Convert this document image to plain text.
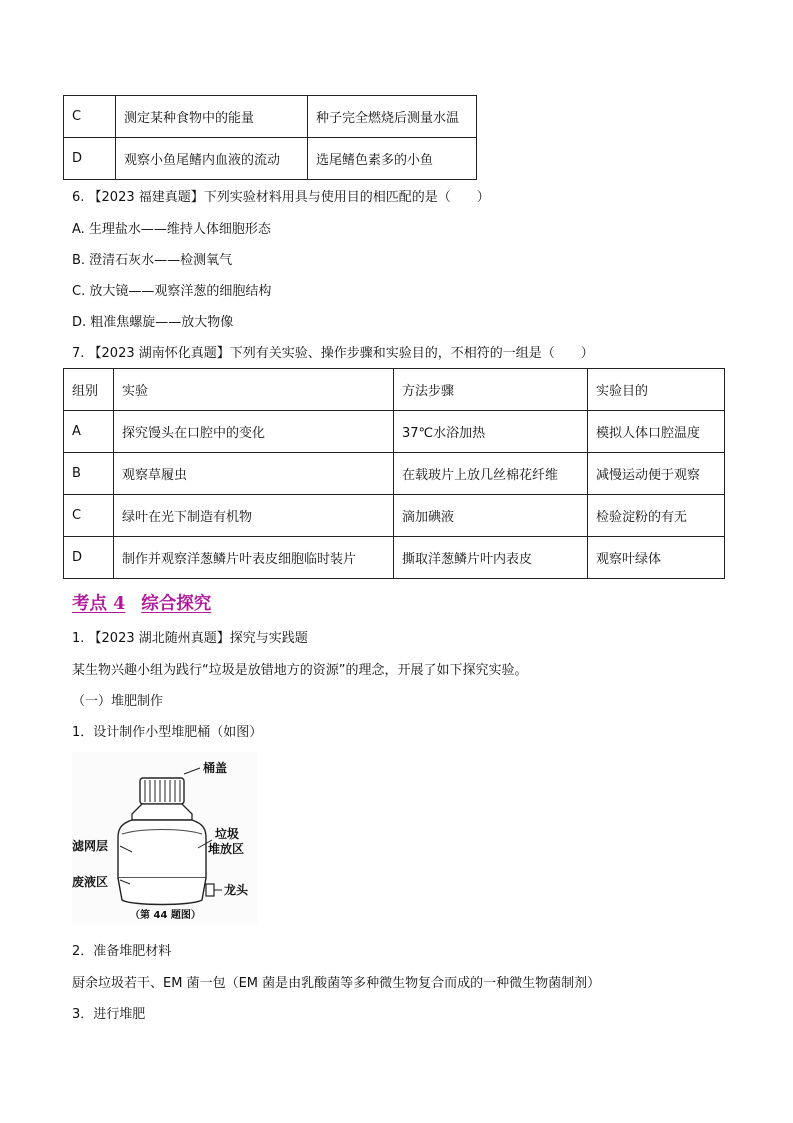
C	测定某种食物中的能量	种子完全燃烧后测量水温
D	观察小鱼尾鳍内血液的流动	选尾鳍色素多的小鱼
6. 【2023 福建真题】下列实验材料用具与使用目的相匹配的是（　　）
A. 生理盐水——维持人体细胞形态
B. 澄清石灰水——检测氧气
C. 放大镜——观察洋葱的细胞结构
D. 粗准焦螺旋——放大物像
7. 【2023 湖南怀化真题】下列有关实验、操作步骤和实验目的，不相符的一组是（　　）
组别	实验	方法步骤	实验目的
A	探究馒头在口腔中的变化	37℃水浴加热	模拟人体口腔温度
B	观察草履虫	在载玻片上放几丝棉花纤维	减慢运动便于观察
C	绿叶在光下制造有机物	滴加碘液	检验淀粉的有无
D	制作并观察洋葱鳞片叶表皮细胞临时装片	撕取洋葱鳞片叶内表皮	观察叶绿体
考点 4 综合探究
1. 【2023 湖北随州真题】探究与实践题
某生物兴趣小组为践行“垃圾是放错地方的资源”的理念，开展了如下探究实验。
（一）堆肥制作
1．设计制作小型堆肥桶（如图）
桶盖
垃圾
堆放区
滤网层
废液区
龙头
（第 44 题图）
2．准备堆肥材料
厨余垃圾若干、EM 菌一包（EM 菌是由乳酸菌等多种微生物复合而成的一种微生物菌制剂）
3．进行堆肥
